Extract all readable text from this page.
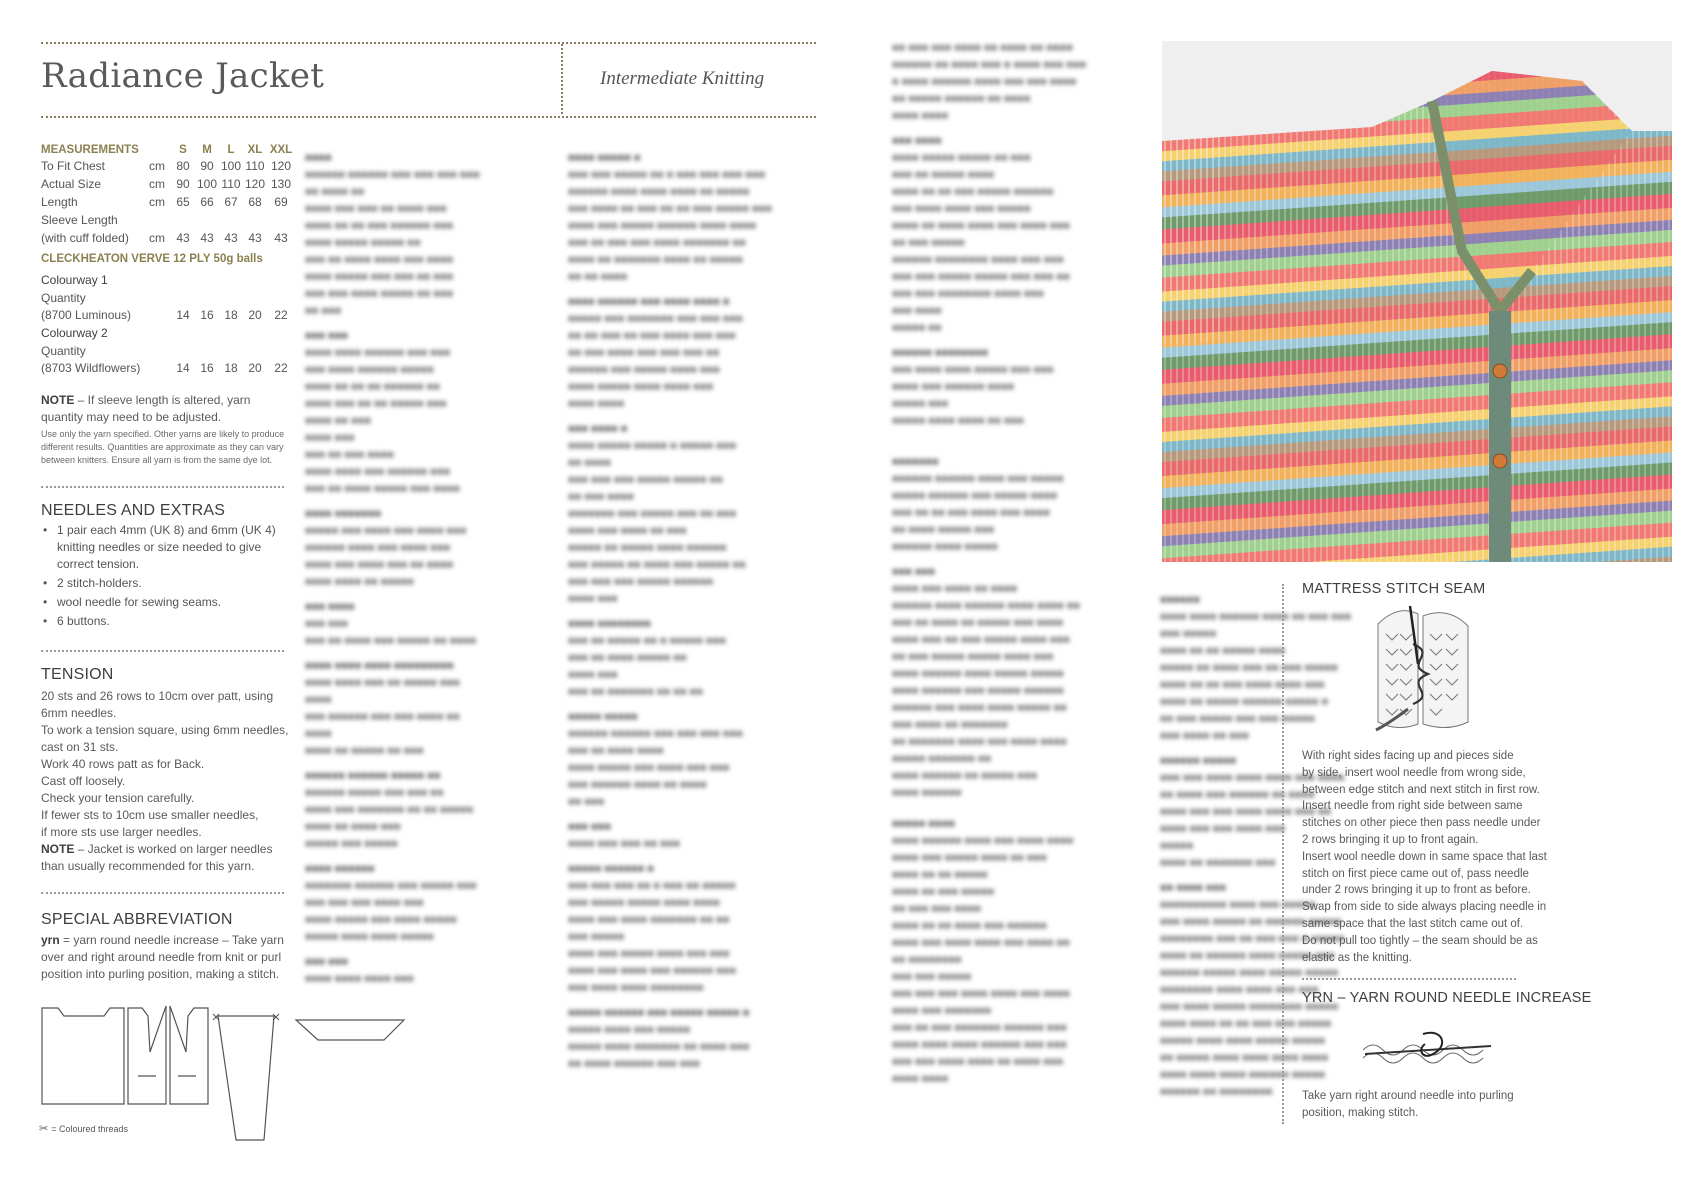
Radiance Jacket	Intermediate Knitting
MEASUREMENTS		S	M	L	XL	XXL
To Fit Chest	cm	80	90	100	110	120
Actual Size	cm	90	100	110	120	130
Length	cm	65	66	67	68	69
Sleeve Length						
(with cuff folded)	cm	43	43	43	43	43
CLECKHEATON VERVE 12 PLY 50g balls						
Colourway 1						
Quantity						
(8700 Luminous)		14	16	18	20	22
Colourway 2						
Quantity						
(8703 Wildflowers)		14	16	18	20	22
NOTE – If sleeve length is altered, yarn quantity may need to be adjusted.
Use only the yarn specified. Other yarns are likely to produce different results. Quantities are approximate as they can vary between knitters. Ensure all yarn is from the same dye lot.
NEEDLES AND EXTRAS
• 1 pair each 4mm (UK 8) and 6mm (UK 4) knitting needles or size needed to give correct tension.
• 2 stitch-holders.
• wool needle for sewing seams.
• 6 buttons.
TENSION
20 sts and 26 rows to 10cm over patt, using
6mm needles.
To work a tension square, using 6mm needles,
cast on 31 sts.
Work 40 rows patt as for Back.
Cast off loosely.
Check your tension carefully.
If fewer sts to 10cm use smaller needles,
if more sts use larger needles.
NOTE – Jacket is worked on larger needles
than usually recommended for this yarn.
SPECIAL ABBREVIATION
yrn = yarn round needle increase – Take yarn
over and right around needle from knit or purl
position into purling position, making a stitch.
✂ = Coloured threads

■■■■

■■■■■■ ■■■■■■ ■■■ ■■■ ■■■ ■■■

■■ ■■■■ ■■

■■■■ ■■■ ■■■ ■■ ■■■■ ■■■

■■■■ ■■ ■■ ■■■ ■■■■■■ ■■■

■■■■ ■■■■■ ■■■■■ ■■

■■■ ■■ ■■■■ ■■■■ ■■■ ■■■■

■■■■ ■■■■■ ■■■ ■■■ ■■ ■■■

■■■ ■■■ ■■■■ ■■■■■ ■■ ■■■

■■ ■■■

■■■ ■■■

■■■■ ■■■■ ■■■■■■ ■■■ ■■■

■■■ ■■■■ ■■■■■■ ■■■■■

■■■■ ■■ ■■ ■■ ■■■■■■ ■■

■■■■ ■■■ ■■ ■■ ■■■■■ ■■■

■■■■ ■■ ■■■

■■■■ ■■■

■■■ ■■ ■■■ ■■■■

■■■■ ■■■■ ■■■ ■■■■■■ ■■■

■■■ ■■ ■■■■ ■■■■■ ■■■ ■■■■

■■■■ ■■■■■■■

■■■■■ ■■■ ■■■■ ■■■ ■■■■ ■■■

■■■■■■ ■■■■ ■■■ ■■■■ ■■■

■■■■ ■■■ ■■■■ ■■■ ■■ ■■■■

■■■■ ■■■■ ■■ ■■■■■

■■■ ■■■■

■■■ ■■■

■■■ ■■ ■■■■ ■■■ ■■■■■ ■■ ■■■■

■■■■ ■■■■ ■■■■ ■■■■■■■■■

■■■■ ■■■■ ■■■ ■■ ■■■■■ ■■■

■■■■

■■■ ■■■■■■ ■■■ ■■■ ■■■■ ■■

■■■■

■■■■ ■■ ■■■■■ ■■ ■■■

■■■■■■ ■■■■■■ ■■■■■ ■■

■■■■■■ ■■■■■ ■■■ ■■■ ■■

■■■■ ■■■ ■■■■■■■ ■■ ■■ ■■■■■

■■■■ ■■ ■■■■ ■■■

■■■■■ ■■■ ■■■■■

■■■■ ■■■■■■

■■■■■■■ ■■■■■■ ■■■ ■■■■■ ■■■

■■■ ■■■ ■■■ ■■■■ ■■■

■■■■ ■■■■■ ■■■ ■■■■ ■■■■■

■■■■■ ■■■■ ■■■■ ■■■■■

■■■ ■■■

■■■■ ■■■■ ■■■■ ■■■

■■■■ ■■■■■ ■

■■■ ■■■ ■■■■■ ■■ ■ ■■■ ■■■ ■■■ ■■■

■■■■■■ ■■■■ ■■■■ ■■■■ ■■ ■■■■■

■■■ ■■■■ ■■ ■■■ ■■ ■■ ■■■ ■■■■■ ■■■

■■■■ ■■■ ■■■■■ ■■■■■■ ■■■■ ■■■■

■■■ ■■ ■■■ ■■■ ■■■■ ■■■■■■■ ■■

■■■■ ■■ ■■■■■■■ ■■■■ ■■ ■■■■■

■■ ■■ ■■■■

■■■■ ■■■■■■ ■■■ ■■■■ ■■■■ ■

■■■■■ ■■■ ■■■■■■■ ■■■ ■■■ ■■■

■■ ■■ ■■■ ■■ ■■■ ■■■■ ■■■ ■■■

■■ ■■■ ■■■■ ■■■ ■■■ ■■■ ■■

■■■■■■ ■■■ ■■■■■ ■■■■ ■■■

■■■■ ■■■■■ ■■■■ ■■■■ ■■■

■■■■ ■■■■

■■■ ■■■■ ■

■■■■ ■■■■■ ■■■■■ ■ ■■■■■ ■■■

■■ ■■■■

■■■ ■■■ ■■■ ■■■■■ ■■■■■ ■■

■■ ■■■ ■■■■

■■■■■■■ ■■■ ■■■■■ ■■■ ■■ ■■■

■■■■ ■■■ ■■■■ ■■ ■■■

■■■■■ ■■ ■■■■■ ■■■■ ■■■■■■

■■■ ■■■■■ ■■ ■■■■ ■■■ ■■■■■ ■■

■■■ ■■■ ■■■ ■■■■■ ■■■■■■

■■■■ ■■■

■■■■ ■■■■■■■■

■■■ ■■ ■■■■■ ■■ ■ ■■■■■ ■■■

■■■ ■■ ■■■■ ■■■■■ ■■

■■■■ ■■■

■■■ ■■ ■■■■■■■ ■■ ■■ ■■

■■■■■ ■■■■■

■■■■■■ ■■■■■■ ■■■ ■■■ ■■■ ■■■

■■■ ■■ ■■■■ ■■■■

■■■■ ■■■■■ ■■■ ■■■■ ■■■ ■■■

■■■ ■■■■■■ ■■■■ ■■ ■■■■

■■ ■■■

■■■ ■■■

■■■■ ■■■ ■■■ ■■ ■■■

■■■■■ ■■■■■■ ■

■■■ ■■■ ■■■ ■■ ■ ■■■ ■■ ■■■■■

■■■ ■■■■■ ■■■■■ ■■■■ ■■■■

■■■■ ■■■ ■■■■ ■■■■■■■ ■■ ■■

■■■ ■■■■■

■■■■ ■■■ ■■■■■ ■■■■ ■■■ ■■■

■■■■ ■■■ ■■■■ ■■■ ■■■■■■ ■■■

■■■ ■■■■ ■■■■ ■■■■■■■■

■■■■■ ■■■■■■ ■■■ ■■■■■ ■■■■■ ■

■■■■■ ■■■■ ■■■ ■■■■■

■■■■■ ■■■■ ■■■■■■■ ■■ ■■■■ ■■■

■■ ■■■■ ■■■■■■ ■■■ ■■■

■■ ■■■ ■■■ ■■■■ ■■ ■■■■ ■■ ■■■■

■■■■■■ ■■ ■■■■ ■■■ ■ ■■■■ ■■■ ■■■

■ ■■■■ ■■■■■■ ■■■■ ■■■ ■■■ ■■■■

■■ ■■■■■ ■■■■■■ ■■ ■■■■

■■■■ ■■■■

■■■ ■■■■

■■■■ ■■■■■ ■■■■■ ■■ ■■■

■■■ ■■ ■■■■■ ■■■■

■■■■ ■■ ■■ ■■■ ■■■■■ ■■■■■■

■■■ ■■■■ ■■■■ ■■■ ■■■■■

■■■■ ■■ ■■■■ ■■■■ ■■■ ■■■■ ■■■

■■ ■■■ ■■■■■

■■■■■■ ■■■■■■■■ ■■■■ ■■■ ■■■

■■■ ■■■ ■■■■■ ■■■■■ ■■■ ■■■ ■■

■■■ ■■■ ■■■■■■■■ ■■■■ ■■■

■■■ ■■■■

■■■■■ ■■

■■■■■■ ■■■■■■■■

■■■ ■■■■ ■■■■ ■■■■■ ■■■ ■■■

■■■■ ■■■ ■■■■■■ ■■■■

■■■■■ ■■■

■■■■■ ■■■■ ■■■■ ■■ ■■■

■■■■■■■

■■■■■■ ■■■■■■ ■■■■ ■■■ ■■■■■

■■■■■ ■■■■■■ ■■■ ■■■■■ ■■■■

■■■ ■■ ■■ ■■■ ■■■■ ■■■ ■■■■

■■ ■■■■ ■■■■■ ■■■

■■■■■■ ■■■■ ■■■■■

■■■ ■■■

■■■■ ■■■ ■■■■ ■■ ■■■■

■■■■■■ ■■■■ ■■■■■■ ■■■■ ■■■■ ■■

■■■ ■■ ■■■■ ■■ ■■■■■ ■■■ ■■■■

■■■■ ■■■ ■■ ■■■ ■■■■■ ■■■■ ■■■

■■ ■■■ ■■■■■ ■■■■■ ■■■■ ■■■

■■■■ ■■■■■■ ■■■■ ■■■■■ ■■■■■

■■■■ ■■■■■■ ■■■ ■■■■■ ■■■■■■

■■■■■■ ■■■ ■■■■ ■■■■ ■■■■■ ■■

■■■ ■■■■ ■■ ■■■■■■■

■■ ■■■■■■■ ■■■■ ■■■ ■■■■ ■■■■

■■■■■ ■■■■■■■ ■■

■■■■ ■■■■■■ ■■ ■■■■■ ■■■

■■■■ ■■■■■■

■■■■■ ■■■■

■■■■ ■■■■■■ ■■■■ ■■■ ■■■■ ■■■■

■■■■ ■■■ ■■■■■ ■■■■ ■■ ■■■

■■■■ ■■ ■■ ■■■■■

■■■■ ■■ ■■■ ■■■■■

■■ ■■■ ■■■ ■■■■

■■■■ ■■ ■■ ■■■■ ■■■ ■■■■■■

■■■■ ■■■ ■■■■ ■■■■ ■■■ ■■■■ ■■

■■ ■■■■■■■■

■■■ ■■■ ■■■■■

■■■ ■■■ ■■■ ■■■■ ■■■■ ■■■ ■■■■

■■■■ ■■■ ■■■■■■■

■■■ ■■ ■■■ ■■■■■■■ ■■■■■■ ■■■

■■■■ ■■■■ ■■■■ ■■■■■■ ■■■ ■■■

■■■ ■■■ ■■■■ ■■■■ ■■ ■■■■ ■■■

■■■■ ■■■■

■■■■■■

■■■■ ■■■■ ■■■■■■ ■■■■ ■■ ■■■ ■■■

■■■ ■■■■■

■■■■ ■■ ■■ ■■■■■ ■■■■

■■■■■ ■■ ■■■■ ■■■ ■■ ■■■ ■■■■■

■■■■ ■■ ■■ ■■■ ■■■■ ■■■■ ■■■

■■■■ ■■ ■■■■■ ■■■■■■ ■■■■■ ■

■■ ■■■ ■■■■■ ■■■ ■■■ ■■■■■

■■■ ■■■■ ■■ ■■■

■■■■■■ ■■■■■

■■■ ■■■ ■■■■ ■■■■ ■■■■ ■■■ ■■■■

■■ ■■■■ ■■■ ■■■■■■ ■■ ■■■■

■■■■ ■■■ ■■■ ■■■■ ■■■■ ■■■ ■■

■■■■ ■■■ ■■■ ■■■■ ■■■

■■■■■

■■■■ ■■ ■■■■■■■ ■■■

■■ ■■■■ ■■■

■■■■■■■■■■ ■■■■ ■■■ ■■■■■

■■■ ■■■■ ■■■■■ ■■ ■■■■■■ ■■■■■

■■■■■■■■ ■■■ ■■ ■■■ ■■■ ■ ■■■■■

■■■■ ■■ ■■■■■■ ■■■■ ■■■■■ ■■■

■■■■■■ ■■■■■ ■■■■ ■■■■■ ■■■■■

■■■■■■■■ ■■■■ ■■■■ ■■■ ■■■

■■■ ■■■■ ■■■■■ ■■■■■■■■ ■■■■■

■■■■ ■■■■ ■■ ■■ ■■■ ■■■ ■■■■■

■■■■■ ■■■■ ■■■■ ■■■■■ ■■■■■

■■ ■■■■■ ■■■■ ■■■■ ■■■■ ■■■■

■■■■ ■■■■ ■■■■ ■■■■■■ ■■■■■

■■■■■■ ■■ ■■■■■■■■

MATTRESS STITCH SEAM
With right sides facing up and pieces side
by side, insert wool needle from wrong side,
between edge stitch and next stitch in first row.
Insert needle from right side between same
stitches on other piece then pass needle under
2 rows bringing it up to front again.
Insert wool needle down in same space that last
stitch on first piece came out of, pass needle
under 2 rows bringing it up to front as before.
Swap from side to side always placing needle in
same space that the last stitch came out of.
Do not pull too tightly – the seam should be as
elastic as the knitting.
YRN – YARN ROUND NEEDLE INCREASE
Take yarn right around needle into purling
position, making stitch.
